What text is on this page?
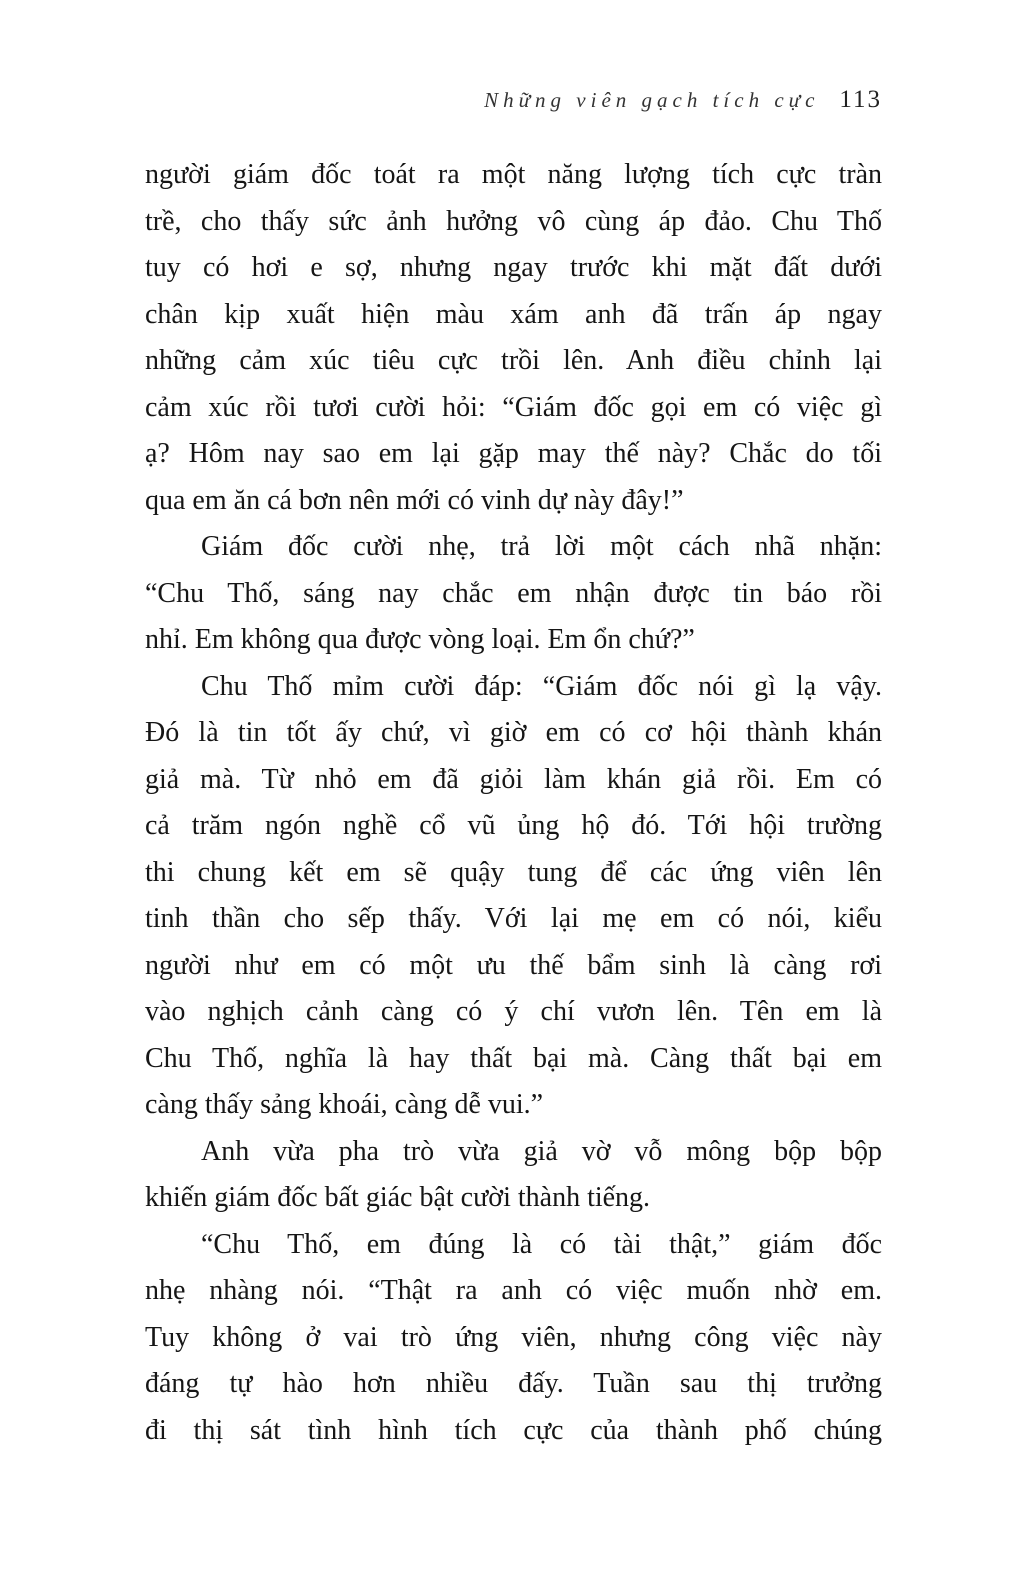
Những viên gạch tích cực 113
người giám đốc toát ra một năng lượng tích cực tràn
trề, cho thấy sức ảnh hưởng vô cùng áp đảo. Chu Thố
tuy có hơi e sợ, nhưng ngay trước khi mặt đất dưới
chân kịp xuất hiện màu xám anh đã trấn áp ngay
những cảm xúc tiêu cực trồi lên. Anh điều chỉnh lại
cảm xúc rồi tươi cười hỏi: “Giám đốc gọi em có việc gì
ạ? Hôm nay sao em lại gặp may thế này? Chắc do tối
qua em ăn cá bơn nên mới có vinh dự này đây!”
Giám đốc cười nhẹ, trả lời một cách nhã nhặn:
“Chu Thố, sáng nay chắc em nhận được tin báo rồi
nhỉ. Em không qua được vòng loại. Em ổn chứ?”
Chu Thố mỉm cười đáp: “Giám đốc nói gì lạ vậy.
Đó là tin tốt ấy chứ, vì giờ em có cơ hội thành khán
giả mà. Từ nhỏ em đã giỏi làm khán giả rồi. Em có
cả trăm ngón nghề cổ vũ ủng hộ đó. Tới hội trường
thi chung kết em sẽ quậy tung để các ứng viên lên
tinh thần cho sếp thấy. Với lại mẹ em có nói, kiểu
người như em có một ưu thế bẩm sinh là càng rơi
vào nghịch cảnh càng có ý chí vươn lên. Tên em là
Chu Thố, nghĩa là hay thất bại mà. Càng thất bại em
càng thấy sảng khoái, càng dễ vui.”
Anh vừa pha trò vừa giả vờ vỗ mông bộp bộp
khiến giám đốc bất giác bật cười thành tiếng.
“Chu Thố, em đúng là có tài thật,” giám đốc
nhẹ nhàng nói. “Thật ra anh có việc muốn nhờ em.
Tuy không ở vai trò ứng viên, nhưng công việc này
đáng tự hào hơn nhiều đấy. Tuần sau thị trưởng
đi thị sát tình hình tích cực của thành phố chúng
